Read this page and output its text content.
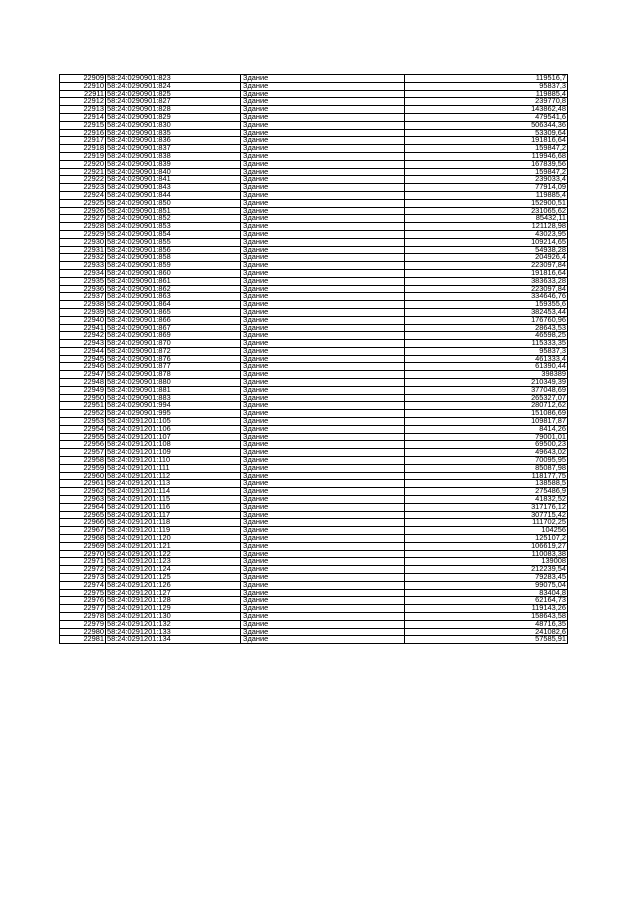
22909	58:24:0290901:823	Здание	119516,7
22910	58:24:0290901:824	Здание	95837,3
22911	58:24:0290901:825	Здание	119885,4
22912	58:24:0290901:827	Здание	239770,8
22913	58:24:0290901:828	Здание	143862,48
22914	58:24:0290901:829	Здание	479541,6
22915	58:24:0290901:830	Здание	506344,36
22916	58:24:0290901:835	Здание	53309,64
22917	58:24:0290901:836	Здание	191816,64
22918	58:24:0290901:837	Здание	159847,2
22919	58:24:0290901:838	Здание	119946,68
22920	58:24:0290901:839	Здание	167839,56
22921	58:24:0290901:840	Здание	159847,2
22922	58:24:0290901:841	Здание	239033,4
22923	58:24:0290901:843	Здание	77914,09
22924	58:24:0290901:844	Здание	119885,4
22925	58:24:0290901:850	Здание	152900,51
22926	58:24:0290901:851	Здание	231065,62
22927	58:24:0290901:852	Здание	85432,11
22928	58:24:0290901:853	Здание	121128,98
22929	58:24:0290901:854	Здание	43023,95
22930	58:24:0290901:855	Здание	109214,65
22931	58:24:0290901:856	Здание	54938,28
22932	58:24:0290901:858	Здание	204926,4
22933	58:24:0290901:859	Здание	223097,84
22934	58:24:0290901:860	Здание	191816,64
22935	58:24:0290901:861	Здание	383633,28
22936	58:24:0290901:862	Здание	223097,84
22937	58:24:0290901:863	Здание	334646,76
22938	58:24:0290901:864	Здание	159355,6
22939	58:24:0290901:865	Здание	382453,44
22940	58:24:0290901:866	Здание	176760,96
22941	58:24:0290901:867	Здание	28643,53
22942	58:24:0290901:869	Здание	46598,25
22943	58:24:0290901:870	Здание	115333,35
22944	58:24:0290901:872	Здание	95837,3
22945	58:24:0290901:876	Здание	461333,4
22946	58:24:0290901:877	Здание	61390,44
22947	58:24:0290901:878	Здание	398389
22948	58:24:0290901:880	Здание	210349,39
22949	58:24:0290901:881	Здание	377048,69
22950	58:24:0290901:883	Здание	265327,07
22951	58:24:0290901:994	Здание	280712,62
22952	58:24:0290901:995	Здание	151086,69
22953	58:24:0291201:105	Здание	109817,87
22954	58:24:0291201:106	Здание	8414,26
22955	58:24:0291201:107	Здание	79001,01
22956	58:24:0291201:108	Здание	69500,23
22957	58:24:0291201:109	Здание	49643,02
22958	58:24:0291201:110	Здание	70095,95
22959	58:24:0291201:111	Здание	85087,98
22960	58:24:0291201:112	Здание	118177,75
22961	58:24:0291201:113	Здание	138588,5
22962	58:24:0291201:114	Здание	275486,9
22963	58:24:0291201:115	Здание	41832,52
22964	58:24:0291201:116	Здание	317176,12
22965	58:24:0291201:117	Здание	307715,42
22966	58:24:0291201:118	Здание	111702,25
22967	58:24:0291201:119	Здание	104256
22968	58:24:0291201:120	Здание	125107,2
22969	58:24:0291201:121	Здание	106619,27
22970	58:24:0291201:122	Здание	110083,38
22971	58:24:0291201:123	Здание	139008
22972	58:24:0291201:124	Здание	212239,54
22973	58:24:0291201:125	Здание	79283,45
22974	58:24:0291201:126	Здание	99075,04
22975	58:24:0291201:127	Здание	83404,8
22976	58:24:0291201:128	Здание	62164,73
22977	58:24:0291201:129	Здание	119143,26
22978	58:24:0291201:130	Здание	158643,58
22979	58:24:0291201:132	Здание	48716,35
22980	58:24:0291201:133	Здание	241082,6
22981	58:24:0291201:134	Здание	57585,91
